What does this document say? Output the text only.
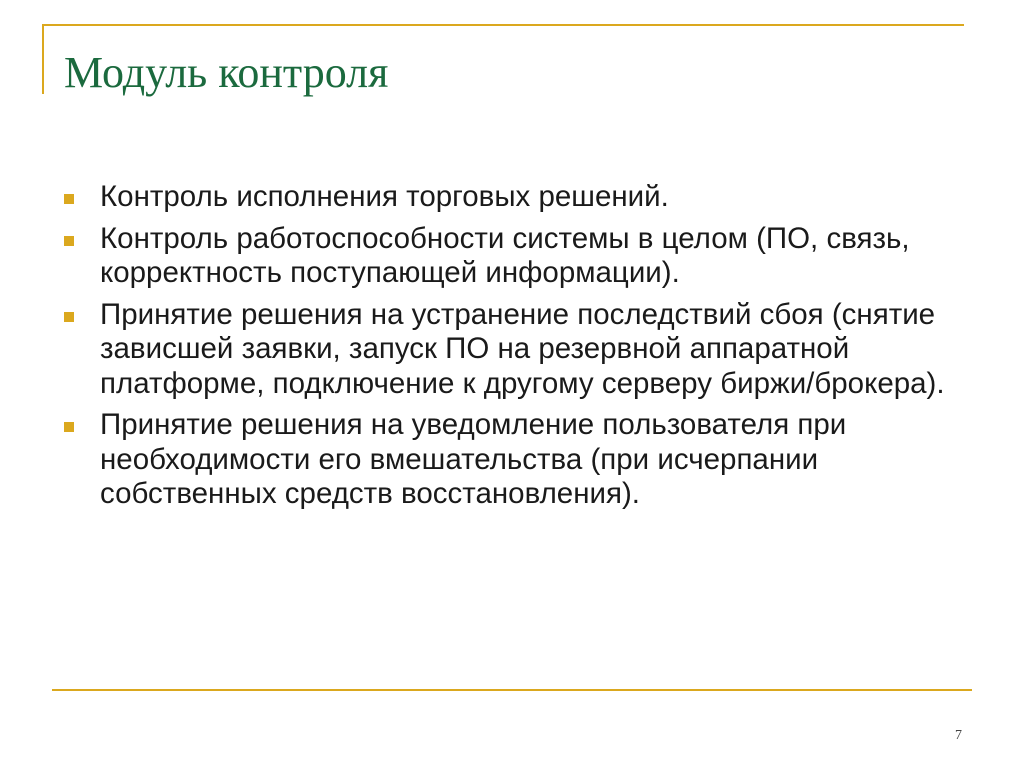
Модуль контроля
Контроль исполнения торговых решений.
Контроль работоспособности системы в целом (ПО, связь, корректность поступающей информации).
Принятие решения на устранение последствий сбоя (снятие зависшей заявки, запуск ПО на резервной аппаратной платформе, подключение к другому серверу биржи/брокера).
Принятие решения на уведомление пользователя при необходимости его вмешательства (при исчерпании собственных средств восстановления).
7
